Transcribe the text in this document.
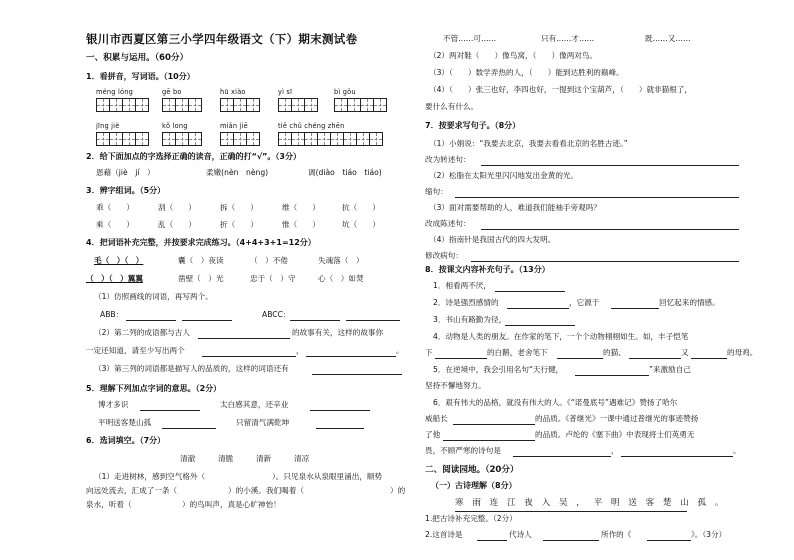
银川市西夏区第三小学四年级语文（下）期末测试卷
一、积累与运用。（60分）
1．看拼音，写词语。（10分）
méng lóng	gē bo	hū xiào	yì sī	bì gǒu
jīng jiè	kǒ long	miǎn jiē	tiě chǔ chéng zhēn
2．给下面加点的字选择正确的读音，正确的打“√”。（3分）
恩藉（jiè　jí　）	柔嫩(nèn　nèng)	调(diào　tiáo　tiáo)
3．辨字组词。（5分）
乖（　　）	刮（　　）	拆（　　）	维（　　）	抗（　　）
乘（　　）	乱（　　）	折（　　）	惟（　　）	坑（　　）
4．把词语补充完整，并按要求完成练习。（4+4+3+1=12分）
毛（　）（　）	囊（　）夜读	（　）不倦	失魂落（　）
（　）（　）翼翼	凿壁（　）光	忠于（　）守	心（　）如焚
（1）仿照画线的词语，再写两个。
ABB：	ABCC：
（2）第二列的成语都与古人	的故事有关，这样的故事你
一定还知道，请至少写出两个	，	。
（3）第三列的词语都是描写人的品质的，这样的词语还有
5．理解下列加点字词的意思。（2分）
博才多识	太白感其意，还辛业
平明送客楚山孤	只留清气满乾坤
6．选词填空。（7分）
清澈	清脆	清新	清凉
（1）走进树林，感到空气格外（	）。只见泉水从泉眼里涌出，顺势
向远处流去，汇成了一条（	）的小溪。我们喝着（	）的
泉水，听着（	）的鸟叫声，真是心旷神怡！
不管……可……	只有……才……	既……又……
（2）两对鞋（　　）像鸟窝，（　　）像两对鸟。
（3）（　　）数学弄热的人，（　　）能到达胜利的巅峰。
（4）（　　）张三也好，李四也好，一提到这个宝葫芦，（　　）就非猫根了，
要什么有什么。
7．按要求写句子。（8分）
（1）小娟说：“我要去北京，我要去看看北京的名胜古迹。”
改为转述句：
（2）松脂在太阳光里闪闪地发出金黄的光。
缩句：
（3）面对需要帮助的人，难道我们能袖手旁观吗？
改成陈述句：
（4）指南针是我国古代的四大发明。
修改病句：
8．按课文内容补充句子。（13分）
1．相看两不厌，
2．诗是强烈感情的	，它源于	回忆起来的情感。
3．书山有路勤为径，
4．动物是人类的朋友。在作家的笔下，一个个动物栩栩如生。如，丰子恺笔
下	的白鹅，老舍笔下	的猫、	又	的母鸡。
5．在逆境中，我会引用名句“天行健，	”来激励自己
坚持不懈地努力。
6．艰有伟大的品格，就没有伟大的人。《“诺曼底号”遇难记》赞扬了哈尔
威船长	的品质。《普继光》一课中通过普继光的事迹赞扬
了他	的品质。卢纶的《塞下曲》中表现将士们英勇无
畏，不顾严寒的诗句是	，	。
二、阅读园地。（20分）
（一）古诗理解（8分）
寒 雨 连 江 夜 入 吴 ， 平 明 送 客 楚 山 孤 。
1.把古诗补充完整。（2分）
2.这首诗是	代诗人	所作的《	》。（3分）
